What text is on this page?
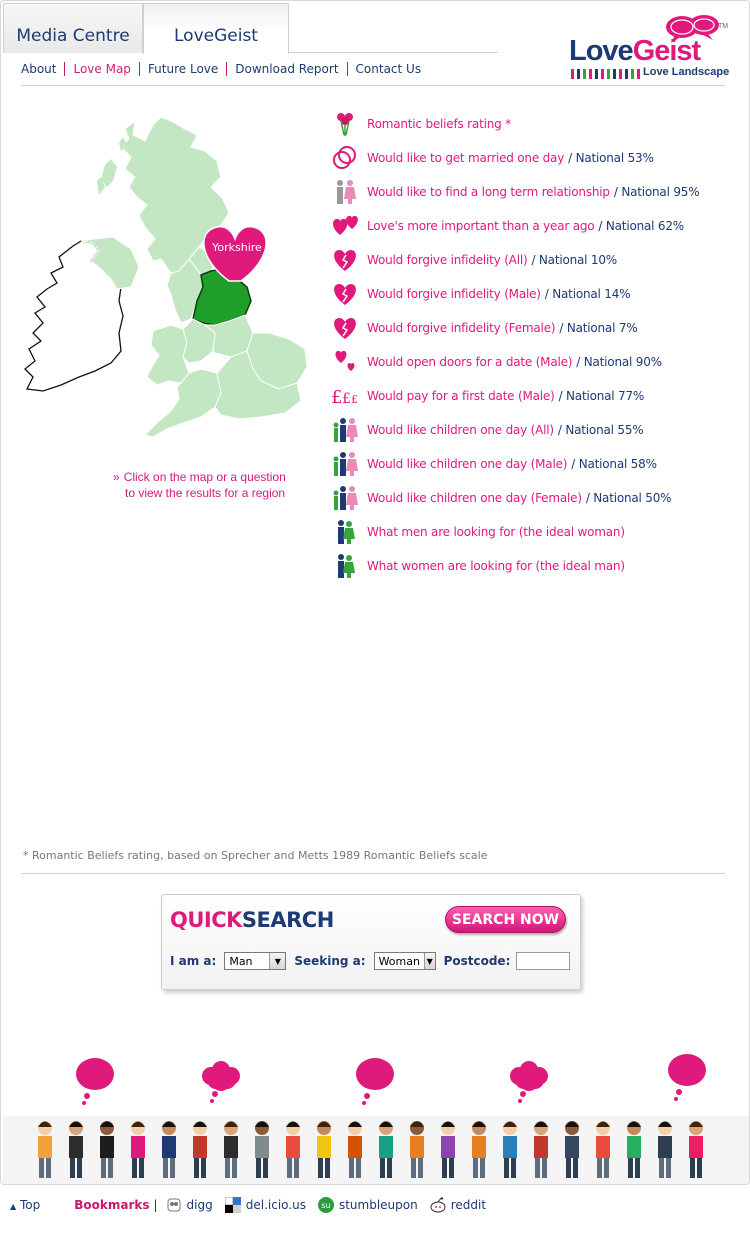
Media Centre	LoveGeist
About	Love Map	Future Love	Download Report	Contact Us
LoveGeist
TM
Love Landscape
Yorkshire
» Click on the map or a question
to view the results for a region
Romantic beliefs rating *
Would like to get married one day / National 53%
Would like to find a long term relationship / National 95%
Love's more important than a year ago / National 62%
Would forgive infidelity (All) / National 10%
Would forgive infidelity (Male) / National 14%
Would forgive infidelity (Female) / National 7%
Would open doors for a date (Male) / National 90%
£ £ £ Would pay for a first date (Male) / National 77%
Would like children one day (All) / National 55%
Would like children one day (Male) / National 58%
Would like children one day (Female) / National 50%
What men are looking for (the ideal woman)
What women are looking for (the ideal man)
* Romantic Beliefs rating, based on Sprecher and Metts 1989 Romantic Beliefs scale
QUICKSEARCH	SEARCH NOW
I am a:	Man	▼	Seeking a:	Woman ▼ Postcode:
▲ Top	Bookmarks | digg	del.icio.us su stumbleupon	reddit
